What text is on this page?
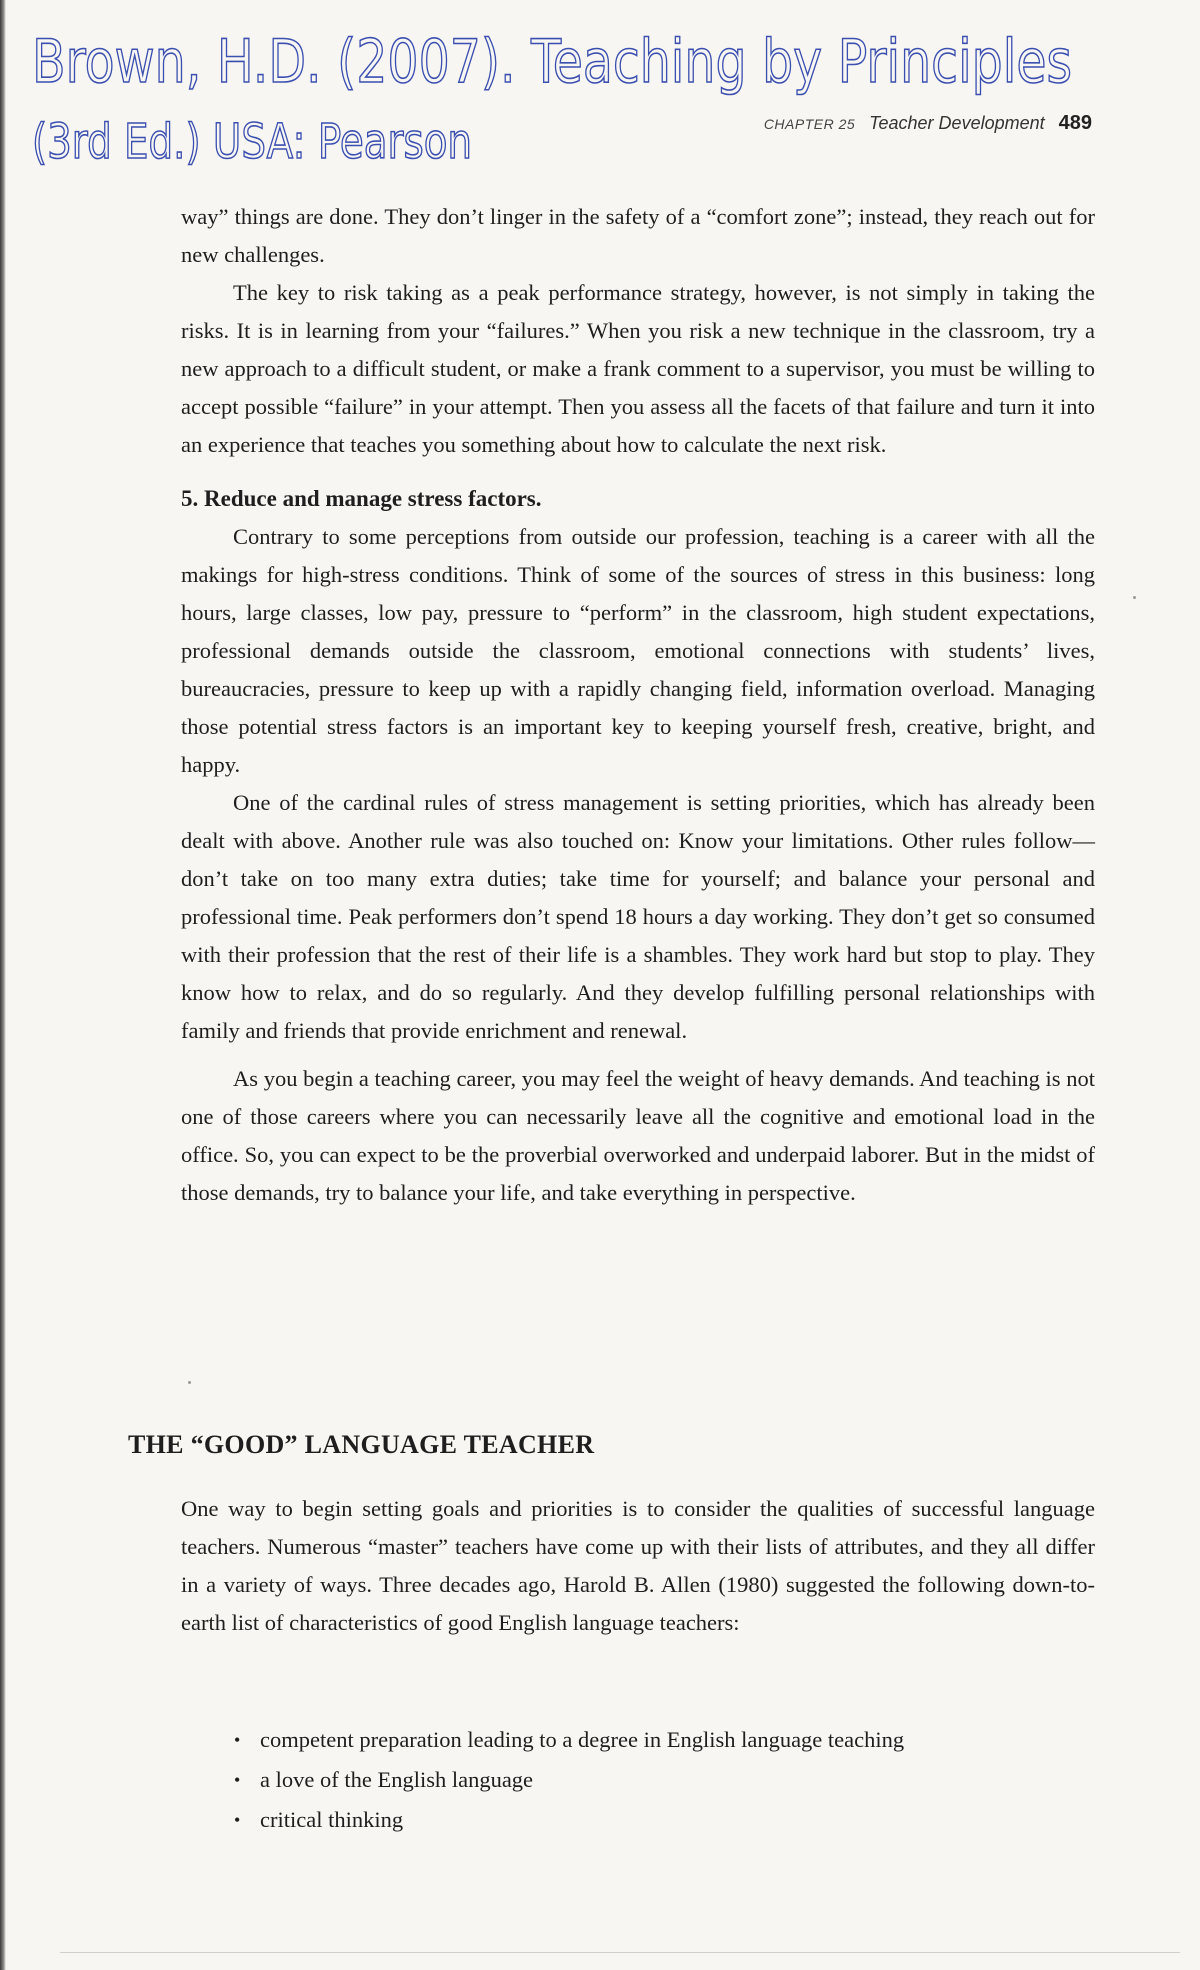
Brown, H.D. (2007). Teaching by Principles
(3rd Ed.) USA: Pearson	CHAPTER 25 Teacher Development 489

way” things are done. They don’t linger in the safety of a “comfort zone”; instead, they reach out for new challenges.

The key to risk taking as a peak performance strategy, however, is not simply in taking the risks. It is in learning from your “failures.” When you risk a new technique in the classroom, try a new approach to a difficult student, or make a frank comment to a supervisor, you must be willing to accept possible “failure” in your attempt. Then you assess all the facets of that failure and turn it into an experience that teaches you something about how to calculate the next risk.

5. Reduce and manage stress factors.

Contrary to some perceptions from outside our profession, teaching is a career with all the makings for high-stress conditions. Think of some of the sources of stress in this business: long hours, large classes, low pay, pressure to “perform” in the classroom, high student expectations, professional demands outside the classroom, emotional connections with students’ lives, bureaucracies, pressure to keep up with a rapidly changing field, information overload. Managing those potential stress factors is an important key to keeping yourself fresh, creative, bright, and happy.

One of the cardinal rules of stress management is setting priorities, which has already been dealt with above. Another rule was also touched on: Know your limitations. Other rules follow—don’t take on too many extra duties; take time for yourself; and balance your personal and professional time. Peak performers don’t spend 18 hours a day working. They don’t get so consumed with their profession that the rest of their life is a shambles. They work hard but stop to play. They know how to relax, and do so regularly. And they develop fulfilling personal relationships with family and friends that provide enrichment and renewal.

As you begin a teaching career, you may feel the weight of heavy demands. And teaching is not one of those careers where you can necessarily leave all the cognitive and emotional load in the office. So, you can expect to be the proverbial overworked and underpaid laborer. But in the midst of those demands, try to balance your life, and take everything in perspective.

THE “GOOD” LANGUAGE TEACHER

One way to begin setting goals and priorities is to consider the qualities of successful language teachers. Numerous “master” teachers have come up with their lists of attributes, and they all differ in a variety of ways. Three decades ago, Harold B. Allen (1980) suggested the following down-to-earth list of characteristics of good English language teachers:

• competent preparation leading to a degree in English language teaching
• a love of the English language
• critical thinking
